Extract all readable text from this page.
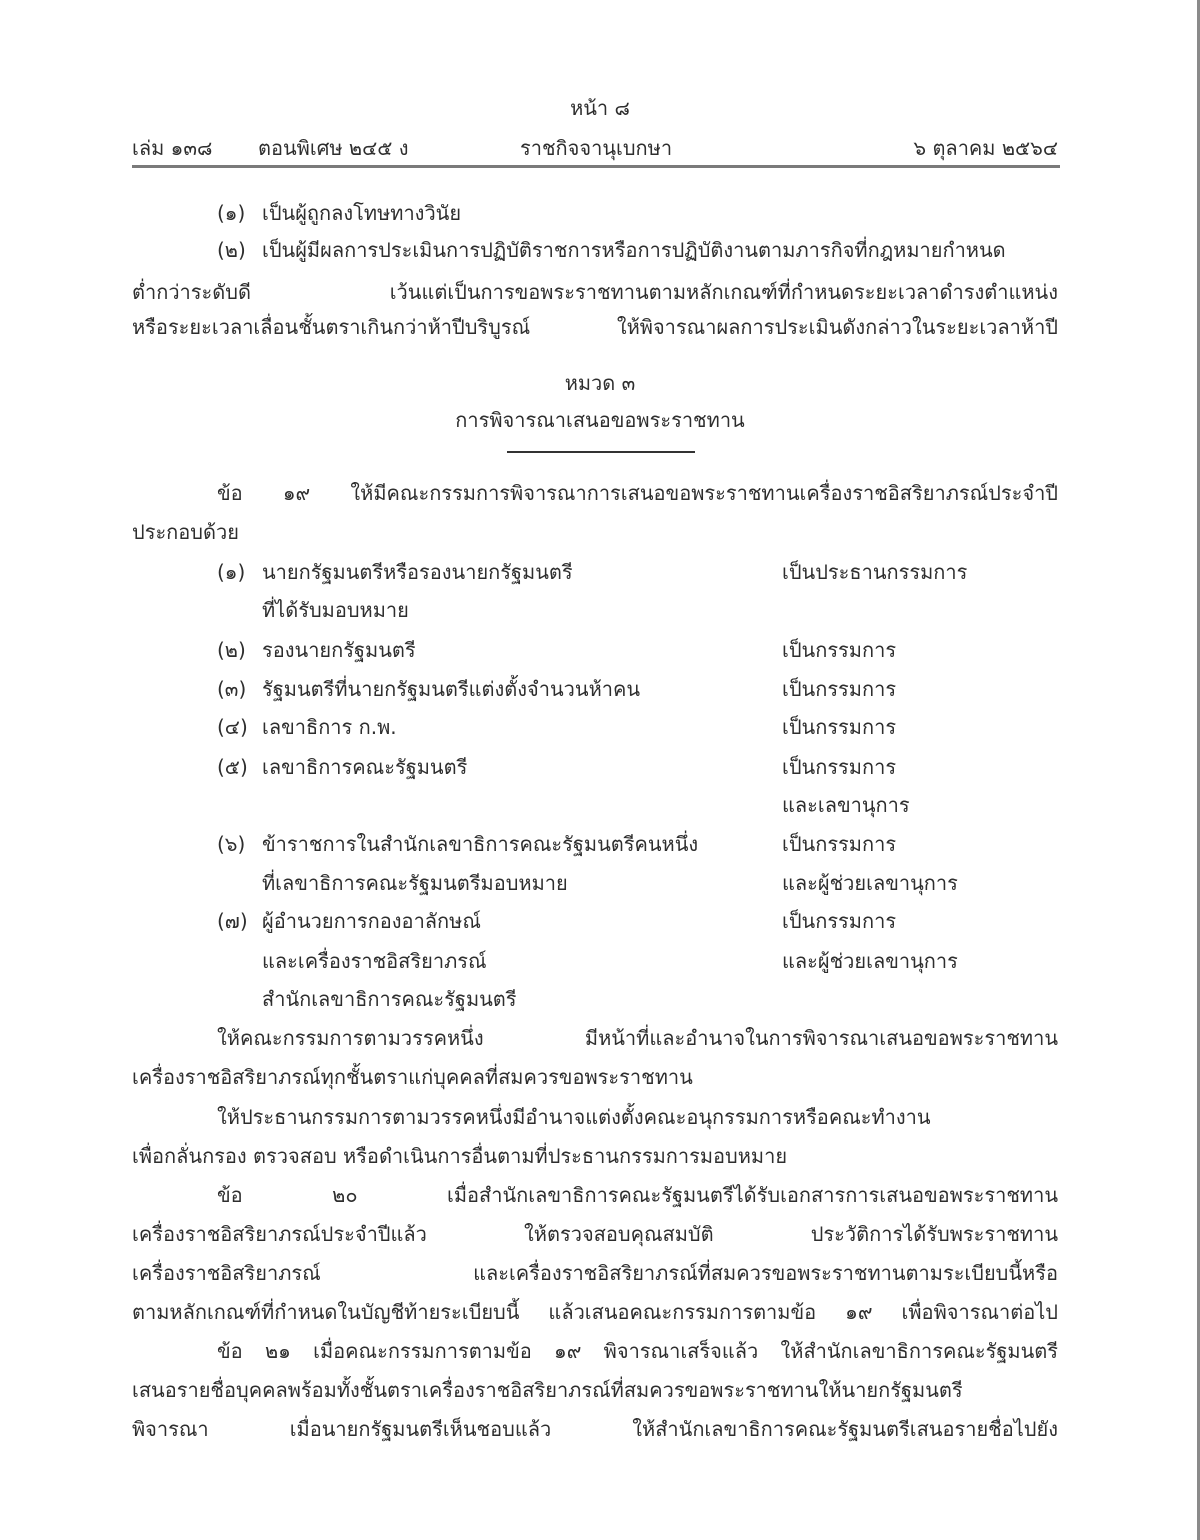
หน้า ๘
เล่ม ๑๓๘ ตอนพิเศษ ๒๔๕ ง	ราชกิจจานุเบกษา	๖ ตุลาคม ๒๕๖๔
(๑) เป็นผู้ถูกลงโทษทางวินัย
(๒) เป็นผู้มีผลการประเมินการปฏิบัติราชการหรือการปฏิบัติงานตามภารกิจที่กฎหมายกำหนด
ต่ำกว่าระดับดี เว้นแต่เป็นการขอพระราชทานตามหลักเกณฑ์ที่กำหนดระยะเวลาดำรงตำแหน่ง
หรือระยะเวลาเลื่อนชั้นตราเกินกว่าห้าปีบริบูรณ์ ให้พิจารณาผลการประเมินดังกล่าวในระยะเวลาห้าปี
หมวด ๓
การพิจารณาเสนอขอพระราชทาน
ข้อ ๑๙ ให้มีคณะกรรมการพิจารณาการเสนอขอพระราชทานเครื่องราชอิสริยาภรณ์ประจำปี
ประกอบด้วย
(๑) นายกรัฐมนตรีหรือรองนายกรัฐมนตรี	เป็นประธานกรรมการ
ที่ได้รับมอบหมาย
(๒) รองนายกรัฐมนตรี	เป็นกรรมการ
(๓) รัฐมนตรีที่นายกรัฐมนตรีแต่งตั้งจำนวนห้าคน	เป็นกรรมการ
(๔) เลขาธิการ ก.พ.	เป็นกรรมการ
(๕) เลขาธิการคณะรัฐมนตรี	เป็นกรรมการ
และเลขานุการ
(๖) ข้าราชการในสำนักเลขาธิการคณะรัฐมนตรีคนหนึ่ง	เป็นกรรมการ
ที่เลขาธิการคณะรัฐมนตรีมอบหมาย	และผู้ช่วยเลขานุการ
(๗) ผู้อำนวยการกองอาลักษณ์	เป็นกรรมการ
และเครื่องราชอิสริยาภรณ์	และผู้ช่วยเลขานุการ
สำนักเลขาธิการคณะรัฐมนตรี
ให้คณะกรรมการตามวรรคหนึ่ง มีหน้าที่และอำนาจในการพิจารณาเสนอขอพระราชทาน
เครื่องราชอิสริยาภรณ์ทุกชั้นตราแก่บุคคลที่สมควรขอพระราชทาน
ให้ประธานกรรมการตามวรรคหนึ่งมีอำนาจแต่งตั้งคณะอนุกรรมการหรือคณะทำงาน
เพื่อกลั่นกรอง ตรวจสอบ หรือดำเนินการอื่นตามที่ประธานกรรมการมอบหมาย
ข้อ ๒๐ เมื่อสำนักเลขาธิการคณะรัฐมนตรีได้รับเอกสารการเสนอขอพระราชทาน
เครื่องราชอิสริยาภรณ์ประจำปีแล้ว ให้ตรวจสอบคุณสมบัติ ประวัติการได้รับพระราชทาน
เครื่องราชอิสริยาภรณ์ และเครื่องราชอิสริยาภรณ์ที่สมควรขอพระราชทานตามระเบียบนี้หรือ
ตามหลักเกณฑ์ที่กำหนดในบัญชีท้ายระเบียบนี้ แล้วเสนอคณะกรรมการตามข้อ ๑๙ เพื่อพิจารณาต่อไป
ข้อ ๒๑ เมื่อคณะกรรมการตามข้อ ๑๙ พิจารณาเสร็จแล้ว ให้สำนักเลขาธิการคณะรัฐมนตรี
เสนอรายชื่อบุคคลพร้อมทั้งชั้นตราเครื่องราชอิสริยาภรณ์ที่สมควรขอพระราชทานให้นายกรัฐมนตรี
พิจารณา เมื่อนายกรัฐมนตรีเห็นชอบแล้ว ให้สำนักเลขาธิการคณะรัฐมนตรีเสนอรายชื่อไปยัง
